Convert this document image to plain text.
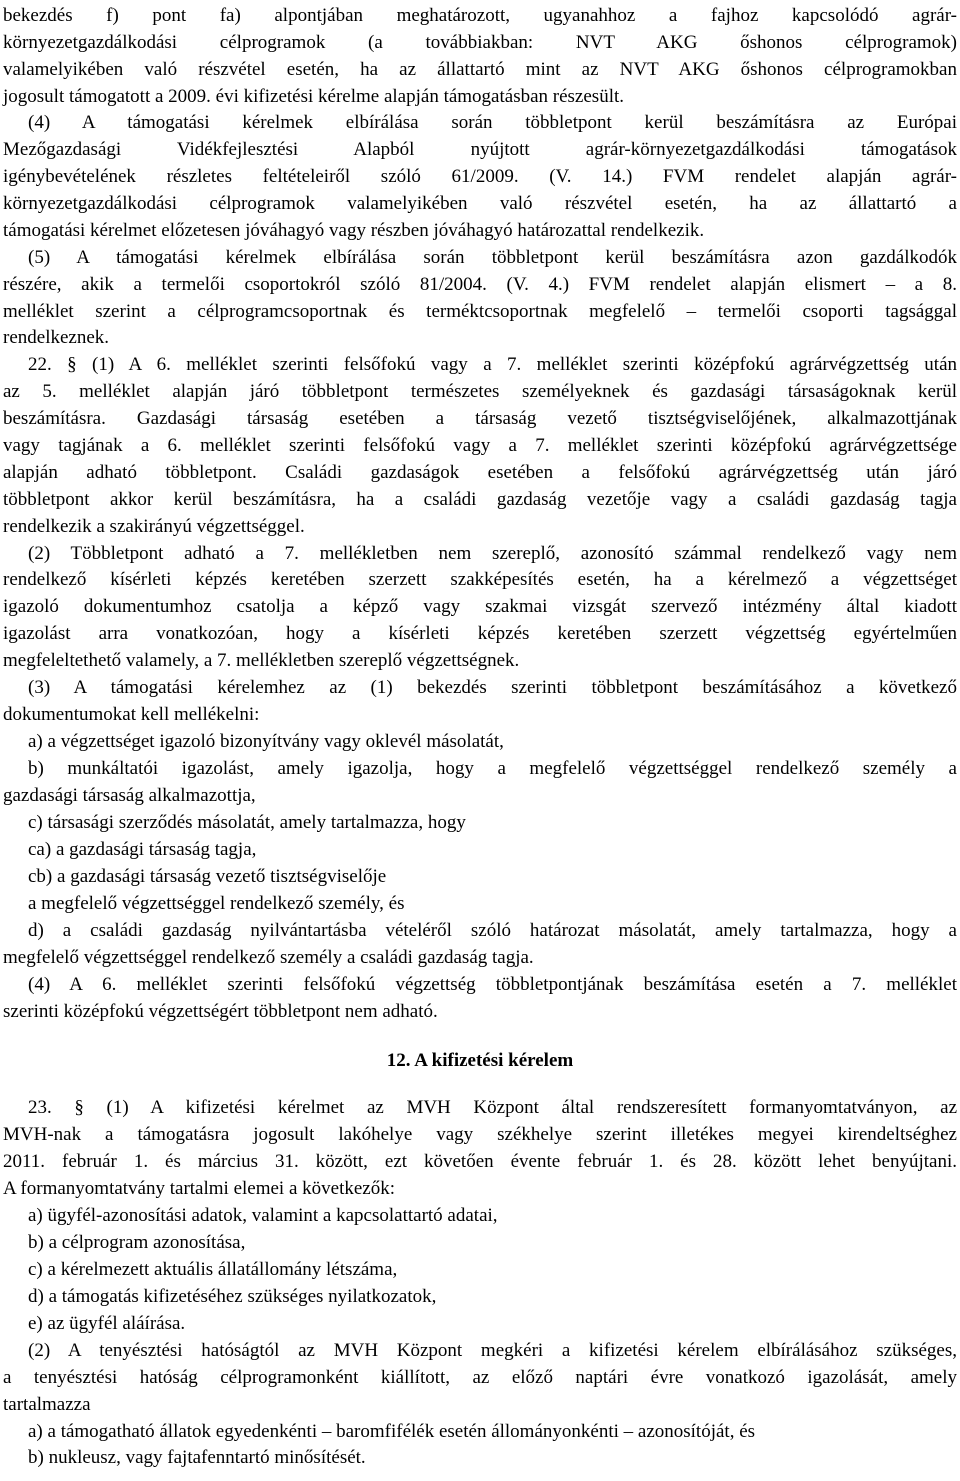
bekezdés f) pont fa) alpontjában meghatározott, ugyanahhoz a fajhoz kapcsolódó agrár-
környezetgazdálkodási célprogramok (a továbbiakban: NVT AKG őshonos célprogramok)
valamelyikében való részvétel esetén, ha az állattartó mint az NVT AKG őshonos célprogramokban
jogosult támogatott a 2009. évi kifizetési kérelme alapján támogatásban részesült.
(4) A támogatási kérelmek elbírálása során többletpont kerül beszámításra az Európai
Mezőgazdasági Vidékfejlesztési Alapból nyújtott agrár-környezetgazdálkodási támogatások
igénybevételének részletes feltételeiről szóló 61/2009. (V. 14.) FVM rendelet alapján agrár-
környezetgazdálkodási célprogramok valamelyikében való részvétel esetén, ha az állattartó a
támogatási kérelmet előzetesen jóváhagyó vagy részben jóváhagyó határozattal rendelkezik.
(5) A támogatási kérelmek elbírálása során többletpont kerül beszámításra azon gazdálkodók
részére, akik a termelői csoportokról szóló 81/2004. (V. 4.) FVM rendelet alapján elismert – a 8.
melléklet szerint a célprogramcsoportnak és terméktcsoportnak megfelelő – termelői csoporti tagsággal
rendelkeznek.
22. § (1) A 6. melléklet szerinti felsőfokú vagy a 7. melléklet szerinti középfokú agrárvégzettség után
az 5. melléklet alapján járó többletpont természetes személyeknek és gazdasági társaságoknak kerül
beszámításra. Gazdasági társaság esetében a társaság vezető tisztségviselőjének, alkalmazottjának
vagy tagjának a 6. melléklet szerinti felsőfokú vagy a 7. melléklet szerinti középfokú agrárvégzettsége
alapján adható többletpont. Családi gazdaságok esetében a felsőfokú agrárvégzettség után járó
többletpont akkor kerül beszámításra, ha a családi gazdaság vezetője vagy a családi gazdaság tagja
rendelkezik a szakirányú végzettséggel.
(2) Többletpont adható a 7. mellékletben nem szereplő, azonosító számmal rendelkező vagy nem
rendelkező kísérleti képzés keretében szerzett szakképesítés esetén, ha a kérelmező a végzettséget
igazoló dokumentumhoz csatolja a képző vagy szakmai vizsgát szervező intézmény által kiadott
igazolást arra vonatkozóan, hogy a kísérleti képzés keretében szerzett végzettség egyértelműen
megfeleltethető valamely, a 7. mellékletben szereplő végzettségnek.
(3) A támogatási kérelemhez az (1) bekezdés szerinti többletpont beszámításához a következő
dokumentumokat kell mellékelni:
a) a végzettséget igazoló bizonyítvány vagy oklevél másolatát,
b) munkáltatói igazolást, amely igazolja, hogy a megfelelő végzettséggel rendelkező személy a
gazdasági társaság alkalmazottja,
c) társasági szerződés másolatát, amely tartalmazza, hogy
ca) a gazdasági társaság tagja,
cb) a gazdasági társaság vezető tisztségviselője
a megfelelő végzettséggel rendelkező személy, és
d) a családi gazdaság nyilvántartásba vételéről szóló határozat másolatát, amely tartalmazza, hogy a
megfelelő végzettséggel rendelkező személy a családi gazdaság tagja.
(4) A 6. melléklet szerinti felsőfokú végzettség többletpontjának beszámítása esetén a 7. melléklet
szerinti középfokú végzettségért többletpont nem adható.
12. A kifizetési kérelem
23. § (1) A kifizetési kérelmet az MVH Központ által rendszeresített formanyomtatványon, az
MVH-nak a támogatásra jogosult lakóhelye vagy székhelye szerint illetékes megyei kirendeltséghez
2011. február 1. és március 31. között, ezt követően évente február 1. és 28. között lehet benyújtani.
A formanyomtatvány tartalmi elemei a következők:
a) ügyfél-azonosítási adatok, valamint a kapcsolattartó adatai,
b) a célprogram azonosítása,
c) a kérelmezett aktuális állatállomány létszáma,
d) a támogatás kifizetéséhez szükséges nyilatkozatok,
e) az ügyfél aláírása.
(2) A tenyésztési hatóságtól az MVH Központ megkéri a kifizetési kérelem elbírálásához szükséges,
a tenyésztési hatóság célprogramonként kiállított, az előző naptári évre vonatkozó igazolását, amely
tartalmazza
a) a támogatható állatok egyedenkénti – baromfifélék esetén állományonkénti – azonosítóját, és
b) nukleusz, vagy fajtafenntartó minősítését.
